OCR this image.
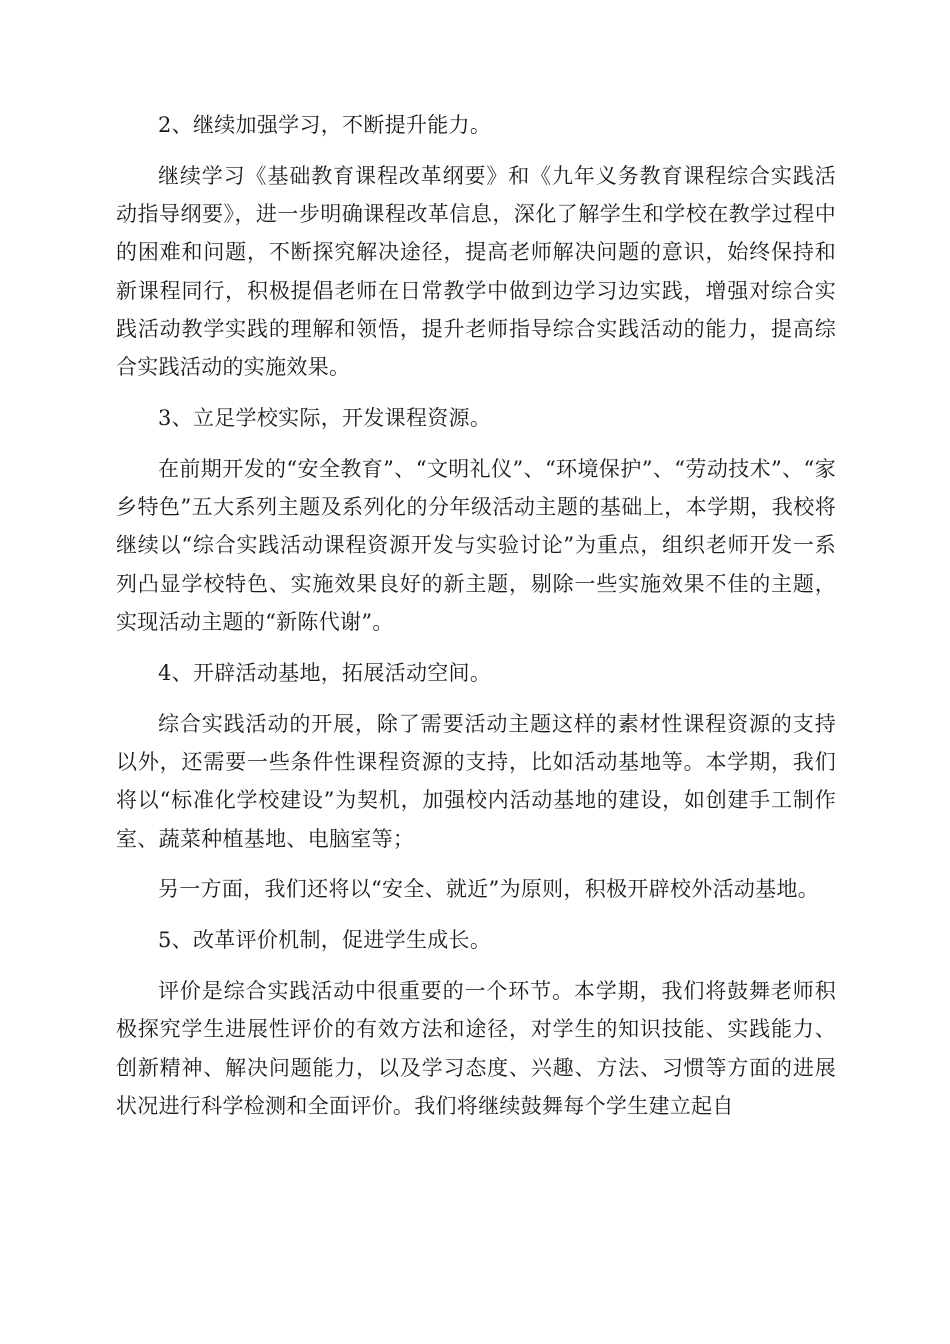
2、继续加强学习，不断提升能力。

继续学习《基础教育课程改革纲要》和《九年义务教育课程综合实践活动指导纲要》，进一步明确课程改革信息，深化了解学生和学校在教学过程中的困难和问题，不断探究解决途径，提高老师解决问题的意识，始终保持和新课程同行，积极提倡老师在日常教学中做到边学习边实践，增强对综合实践活动教学实践的理解和领悟，提升老师指导综合实践活动的能力，提高综合实践活动的实施效果。

3、立足学校实际，开发课程资源。

在前期开发的“安全教育”、“文明礼仪”、“环境保护”、“劳动技术”、“家乡特色”五大系列主题及系列化的分年级活动主题的基础上，本学期，我校将继续以“综合实践活动课程资源开发与实验讨论”为重点，组织老师开发一系列凸显学校特色、实施效果良好的新主题，剔除一些实施效果不佳的主题，实现活动主题的“新陈代谢”。

4、开辟活动基地，拓展活动空间。

综合实践活动的开展，除了需要活动主题这样的素材性课程资源的支持以外，还需要一些条件性课程资源的支持，比如活动基地等。本学期，我们将以“标准化学校建设”为契机，加强校内活动基地的建设，如创建手工制作室、蔬菜种植基地、电脑室等；

另一方面，我们还将以“安全、就近”为原则，积极开辟校外活动基地。

5、改革评价机制，促进学生成长。

评价是综合实践活动中很重要的一个环节。本学期，我们将鼓舞老师积极探究学生进展性评价的有效方法和途径，对学生的知识技能、实践能力、创新精神、解决问题能力，以及学习态度、兴趣、方法、习惯等方面的进展状况进行科学检测和全面评价。我们将继续鼓舞每个学生建立起自
